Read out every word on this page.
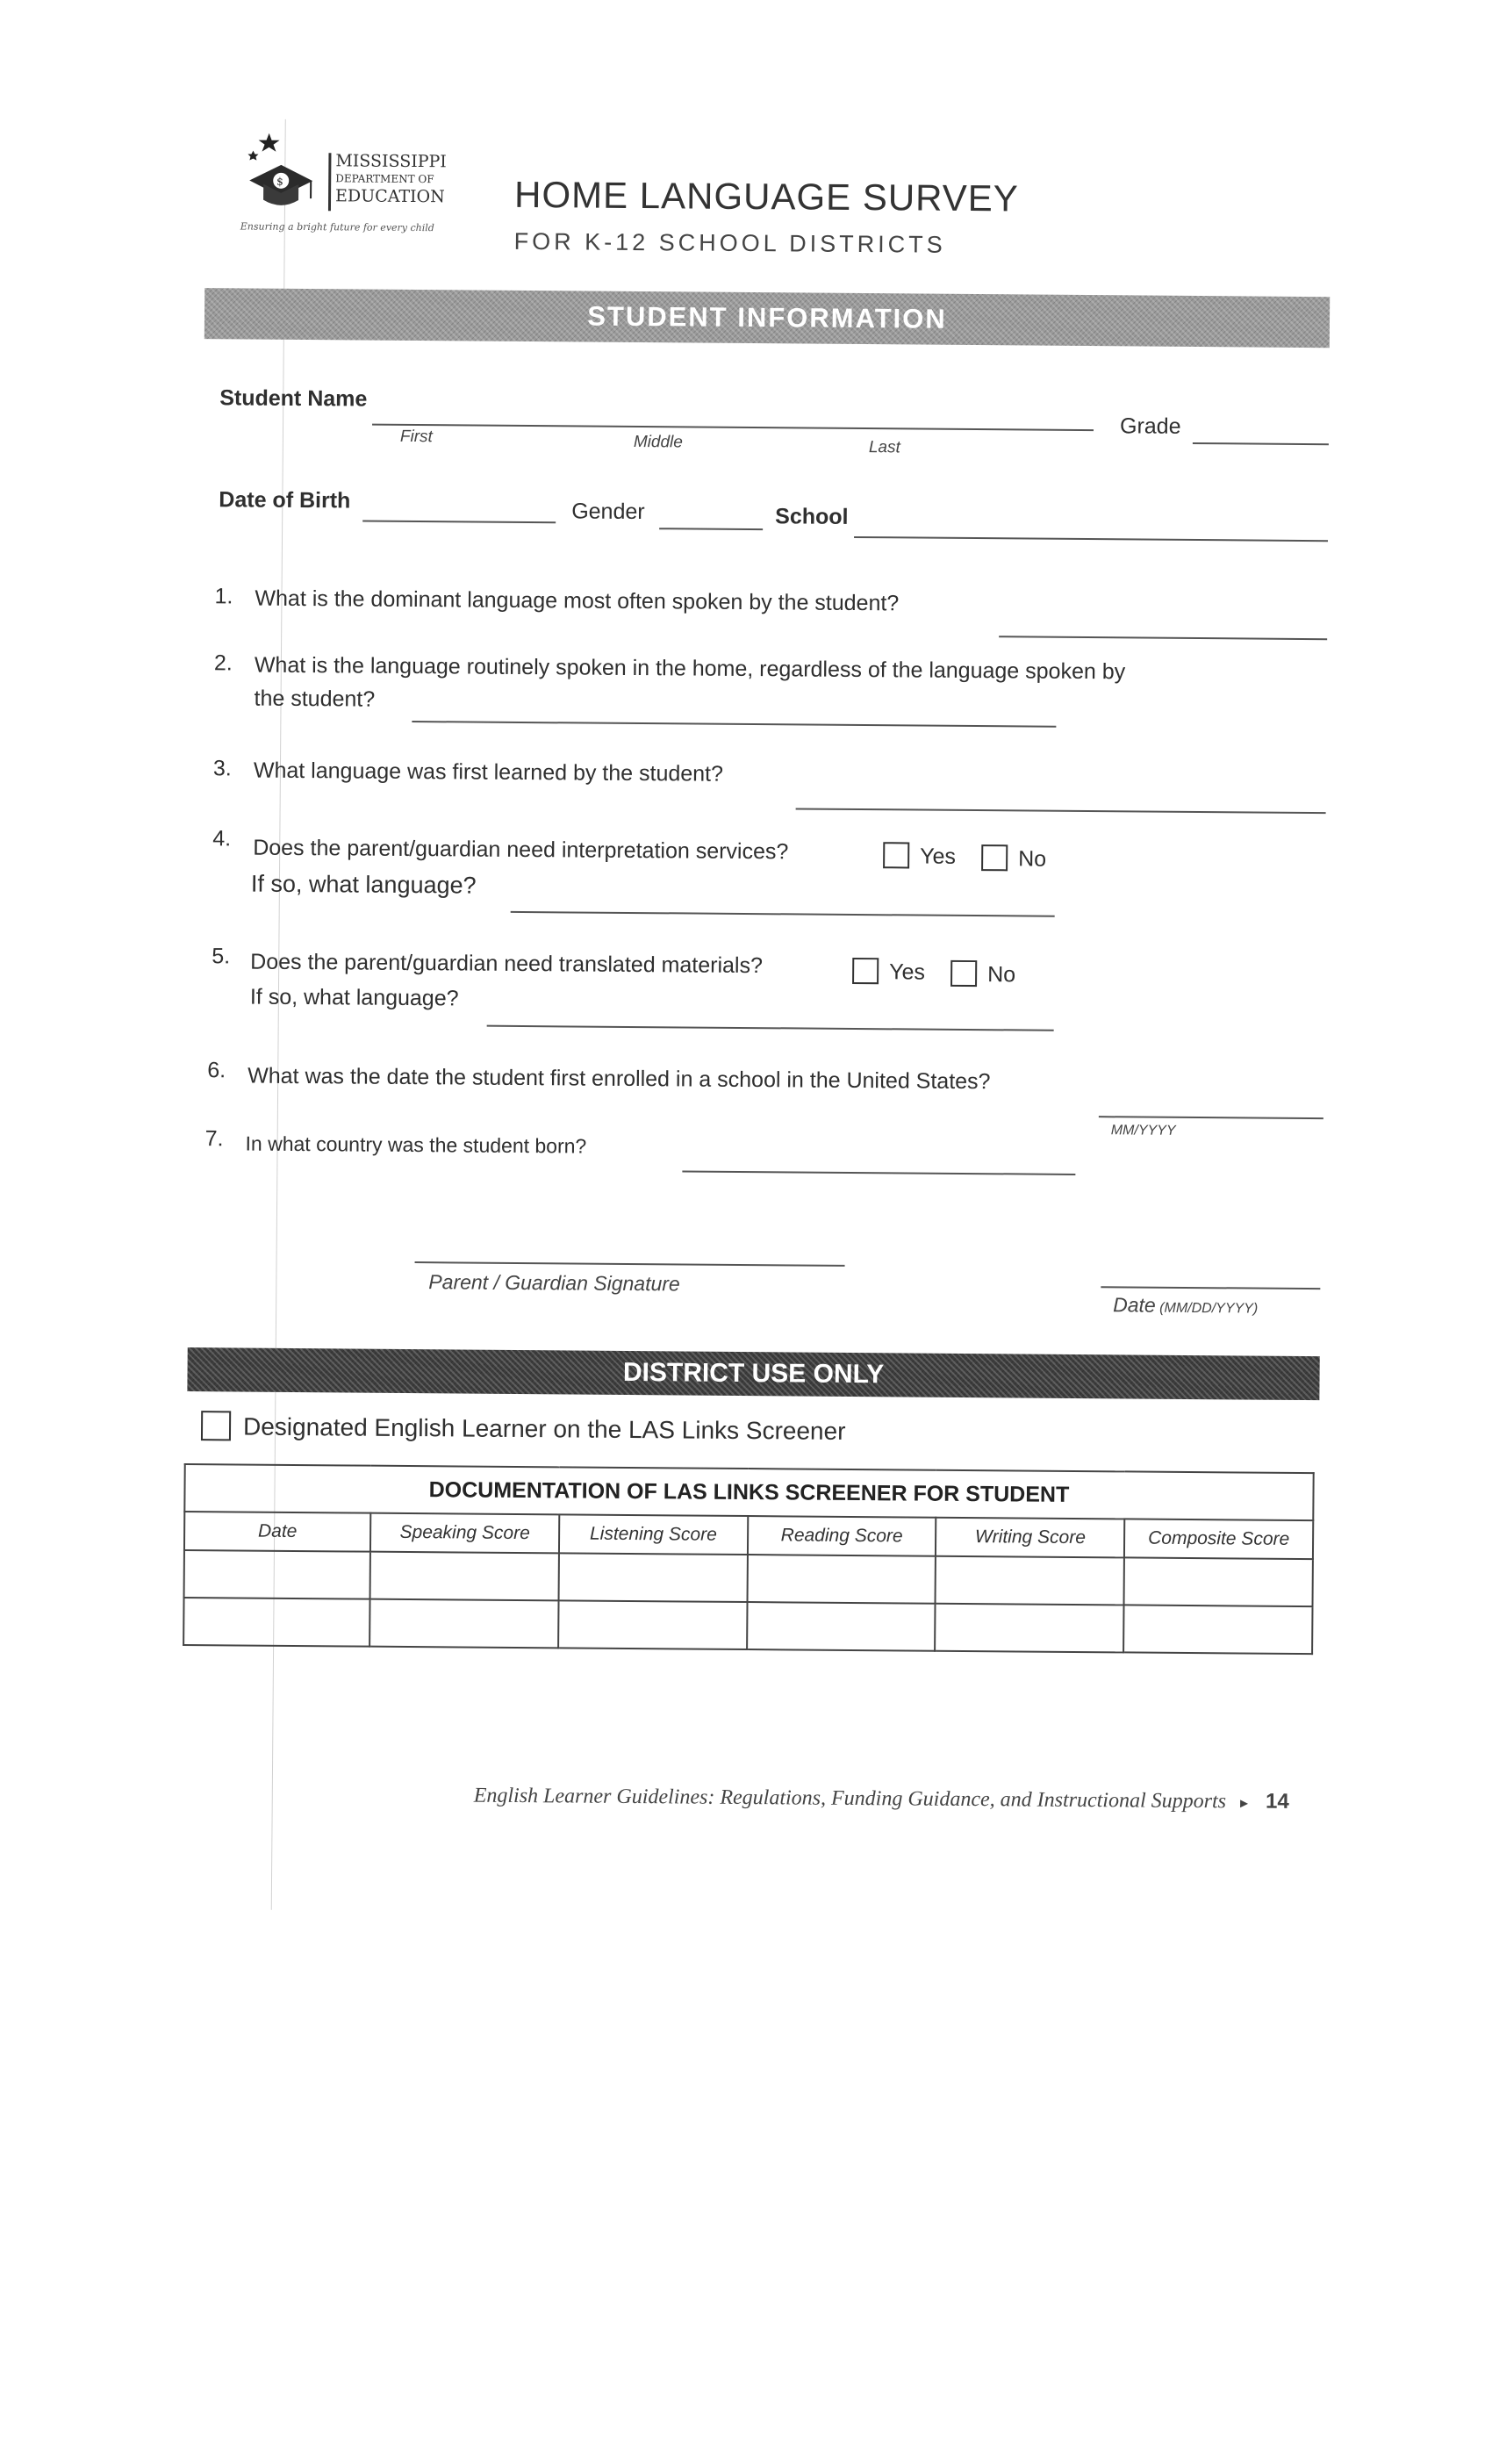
$
MISSISSIPPI
DEPARTMENT OF
EDUCATION
Ensuring a bright future for every child
HOME LANGUAGE SURVEY
FOR K-12 SCHOOL DISTRICTS
STUDENT INFORMATION
Student Name
First	Middle	Last
Grade
Date of Birth	Gender	School
1. What is the dominant language most often spoken by the student?
2. What is the language routinely spoken in the home, regardless of the language spoken by
the student?
3. What language was first learned by the student?
4. Does the parent/guardian need interpretation services?	Yes	No
If so, what language?
5. Does the parent/guardian need translated materials?	Yes	No
If so, what language?
6. What was the date the student first enrolled in a school in the United States?
MM/YYYY
7. In what country was the student born?
Parent / Guardian Signature
Date (MM/DD/YYYY)
DISTRICT USE ONLY
Designated English Learner on the LAS Links Screener
DOCUMENTATION OF LAS LINKS SCREENER FOR STUDENT					
Date	Speaking Score	Listening Score	Reading Score	Writing Score	Composite Score

English Learner Guidelines: Regulations, Funding Guidance, and Instructional Supports ▸ 14
